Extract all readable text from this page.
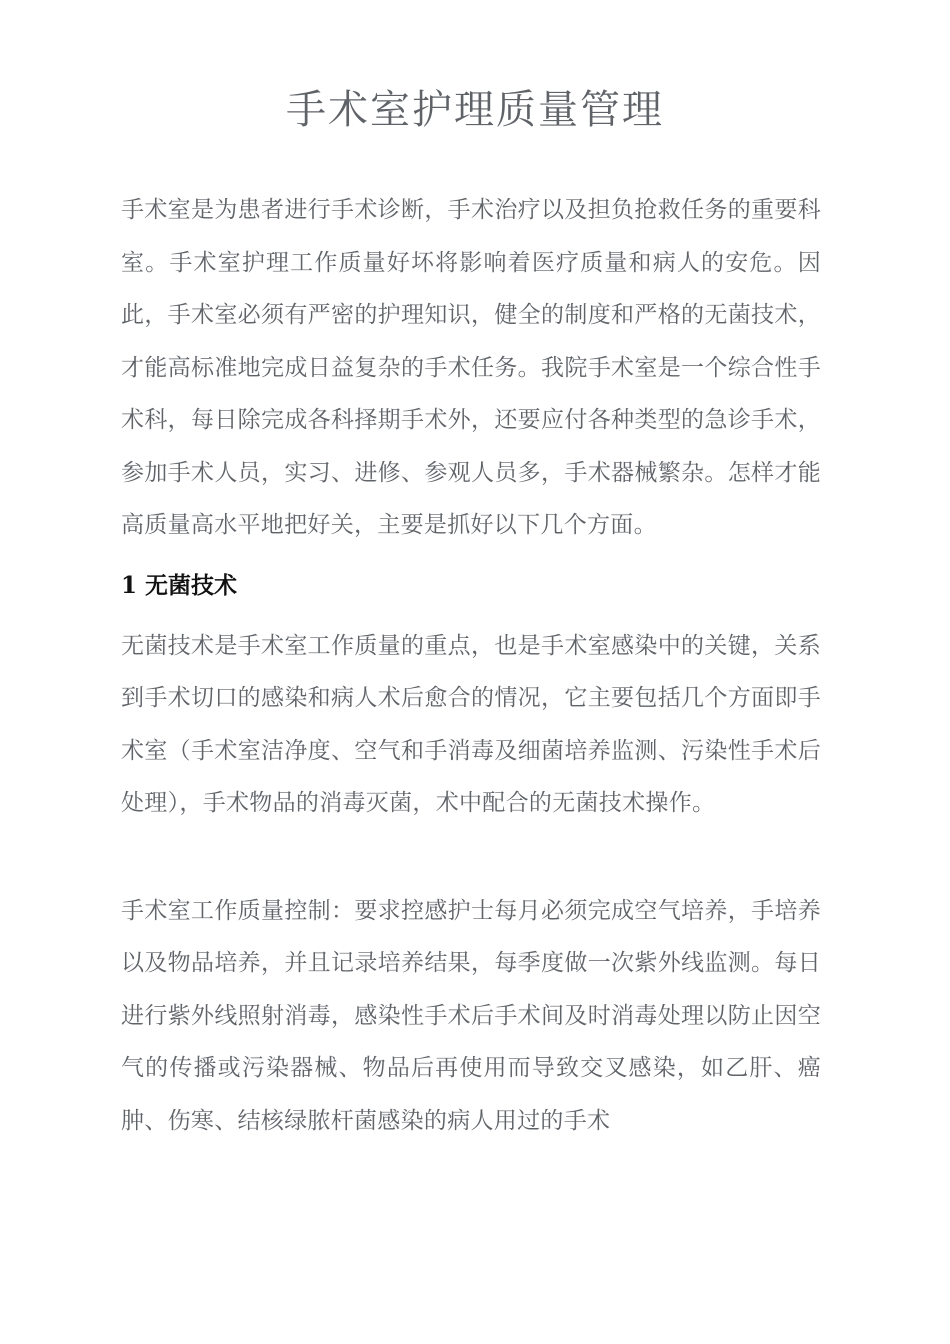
手术室护理质量管理

手术室是为患者进行手术诊断，手术治疗以及担负抢救任务的重要科室。手术室护理工作质量好坏将影响着医疗质量和病人的安危。因此，手术室必须有严密的护理知识，健全的制度和严格的无菌技术，才能高标准地完成日益复杂的手术任务。我院手术室是一个综合性手术科，每日除完成各科择期手术外，还要应付各种类型的急诊手术，参加手术人员，实习、进修、参观人员多，手术器械繁杂。怎样才能高质量高水平地把好关，主要是抓好以下几个方面。

1 无菌技术

无菌技术是手术室工作质量的重点，也是手术室感染中的关键，关系到手术切口的感染和病人术后愈合的情况，它主要包括几个方面即手术室（手术室洁净度、空气和手消毒及细菌培养监测、污染性手术后处理），手术物品的消毒灭菌，术中配合的无菌技术操作。

手术室工作质量控制：要求控感护士每月必须完成空气培养，手培养以及物品培养，并且记录培养结果，每季度做一次紫外线监测。每日进行紫外线照射消毒，感染性手术后手术间及时消毒处理以防止因空气的传播或污染器械、物品后再使用而导致交叉感染，如乙肝、癌肿、伤寒、结核绿脓杆菌感染的病人用过的手术
